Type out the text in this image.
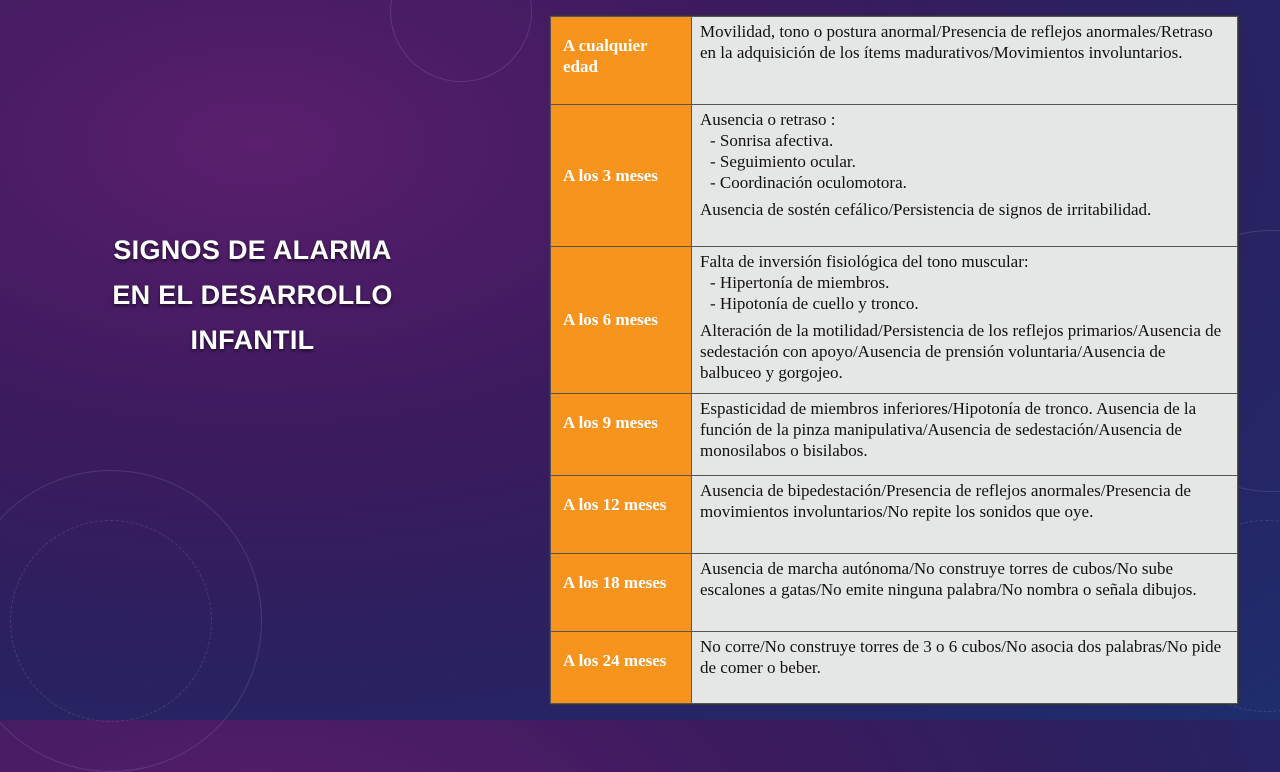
SIGNOS DE ALARMA
EN EL DESARROLLO
INFANTIL
A cualquier edad	Movilidad, tono o postura anormal/Presencia de reflejos anormales/Retraso en la adquisición de los ítems madurativos/Movimientos involuntarios.
A los 3 meses	Ausencia o retraso :
- Sonrisa afectiva.
- Seguimiento ocular.
- Coordinación oculomotora.
Ausencia de sostén cefálico/Persistencia de signos de irritabilidad.

A los 6 meses	Falta de inversión fisiológica del tono muscular:
- Hipertonía de miembros.
- Hipotonía de cuello y tronco.
Alteración de la motilidad/Persistencia de los reflejos primarios/Ausencia de sedestación con apoyo/Ausencia de prensión voluntaria/Ausencia de balbuceo y gorgojeo.

A los 9 meses	Espasticidad de miembros inferiores/Hipotonía de tronco. Ausencia de la función de la pinza manipulativa/Ausencia de sedestación/Ausencia de monosilabos o bisilabos.
A los 12 meses	Ausencia de bipedestación/Presencia de reflejos anormales/Presencia de movimientos involuntarios/No repite los sonidos que oye.
A los 18 meses	Ausencia de marcha autónoma/No construye torres de cubos/No sube escalones a gatas/No emite ninguna palabra/No nombra o señala dibujos.
A los 24 meses	No corre/No construye torres de 3 o 6 cubos/No asocia dos palabras/No pide de comer o beber.
